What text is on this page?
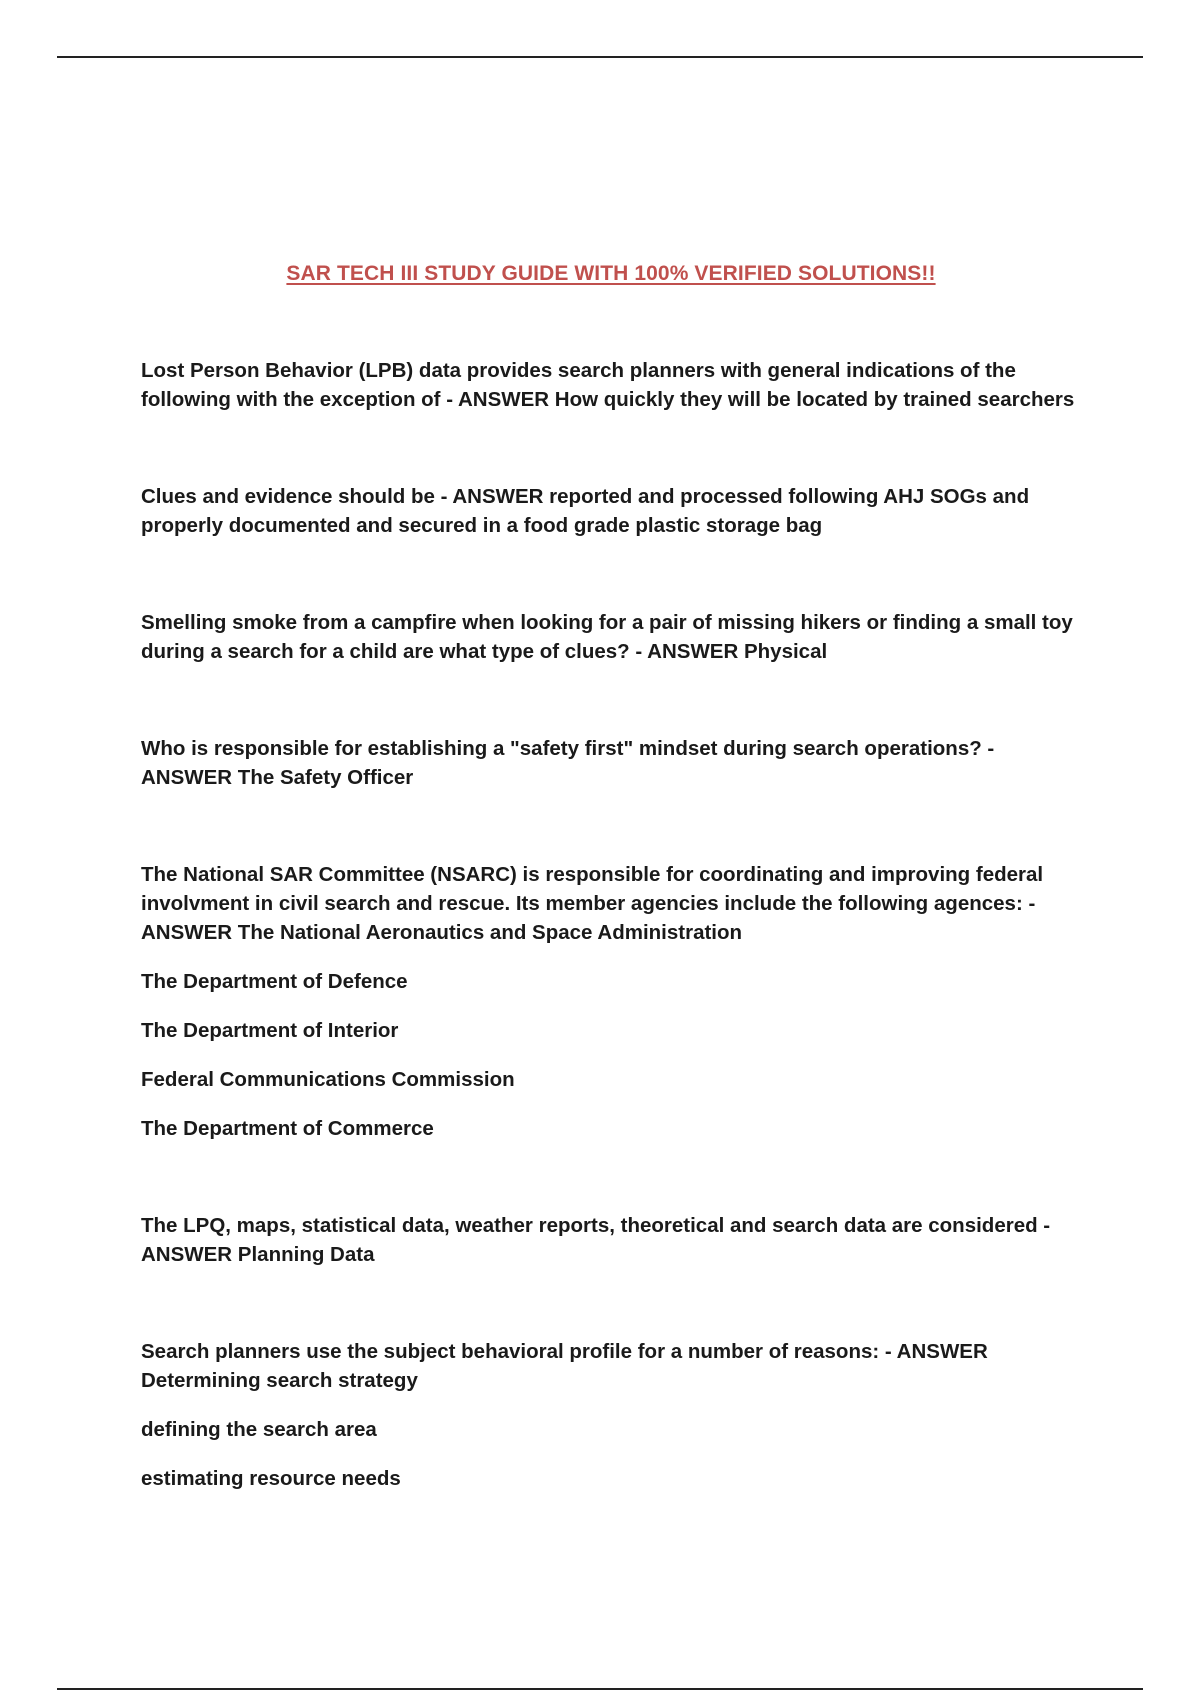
SAR TECH III STUDY GUIDE WITH 100% VERIFIED SOLUTIONS!!
Lost Person Behavior (LPB) data provides search planners with general indications of the following with the exception of - ANSWER How quickly they will be located by trained searchers
Clues and evidence should be - ANSWER reported and processed following AHJ SOGs and properly documented and secured in a food grade plastic storage bag
Smelling smoke from a campfire when looking for a pair of missing hikers or finding a small toy during a search for a child are what type of clues? - ANSWER Physical
Who is responsible for establishing a "safety first" mindset during search operations? - ANSWER The Safety Officer
The National SAR Committee (NSARC) is responsible for coordinating and improving federal involvment in civil search and rescue. Its member agencies include the following agences: - ANSWER The National Aeronautics and Space Administration
The Department of Defence
The Department of Interior
Federal Communications Commission
The Department of Commerce
The LPQ, maps, statistical data, weather reports, theoretical and search data are considered - ANSWER Planning Data
Search planners use the subject behavioral profile for a number of reasons: - ANSWER Determining search strategy
defining the search area
estimating resource needs
